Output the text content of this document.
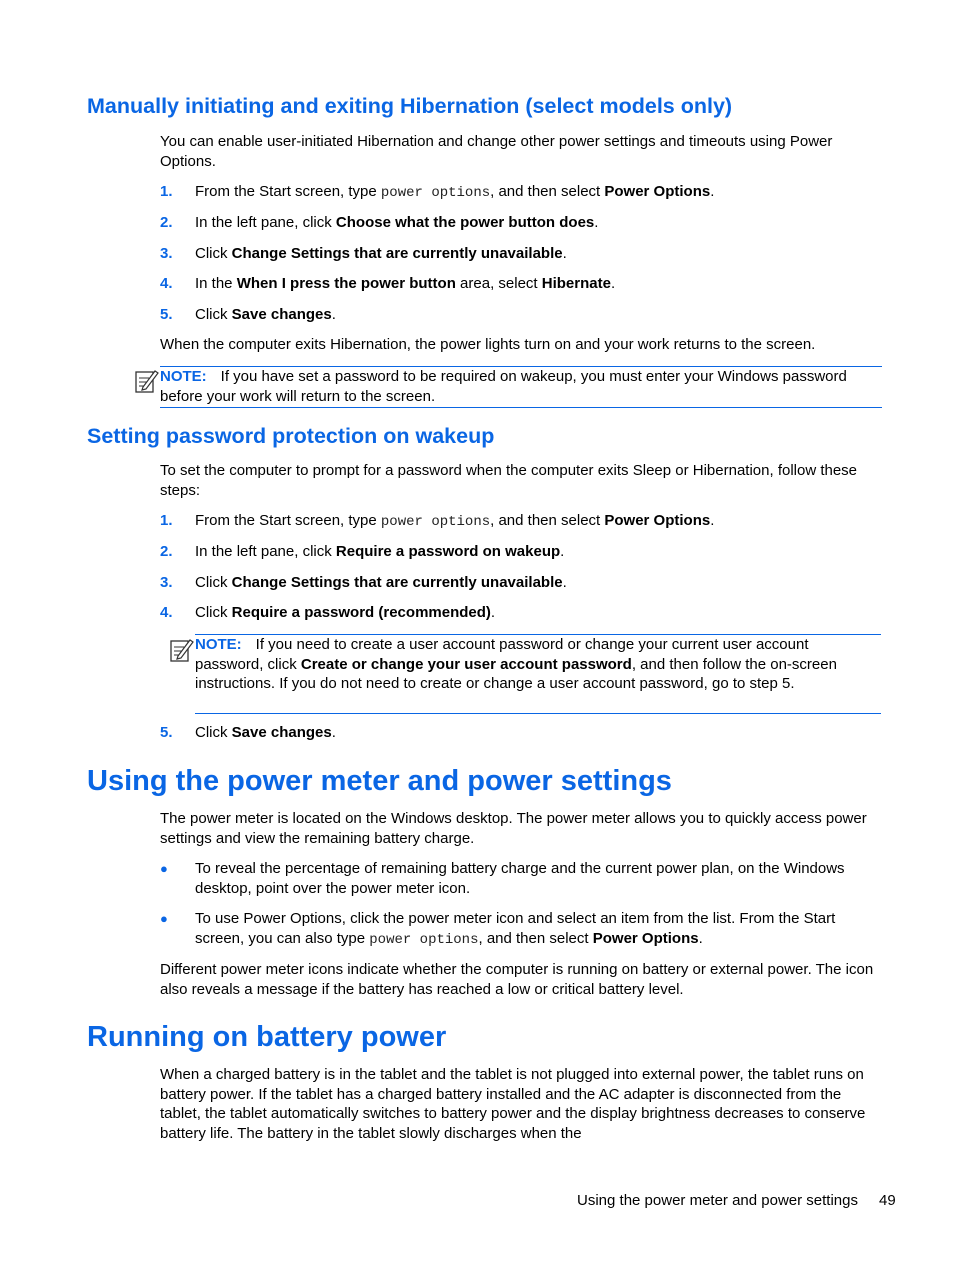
Manually initiating and exiting Hibernation (select models only)

You can enable user-initiated Hibernation and change other power settings and timeouts using Power Options.

1. From the Start screen, type power options, and then select Power Options.
2. In the left pane, click Choose what the power button does.
3. Click Change Settings that are currently unavailable.
4. In the When I press the power button area, select Hibernate.
5. Click Save changes.

When the computer exits Hibernation, the power lights turn on and your work returns to the screen.

NOTE: If you have set a password to be required on wakeup, you must enter your Windows password before your work will return to the screen.
Setting password protection on wakeup

To set the computer to prompt for a password when the computer exits Sleep or Hibernation, follow these steps:

1. From the Start screen, type power options, and then select Power Options.
2. In the left pane, click Require a password on wakeup.
3. Click Change Settings that are currently unavailable.
4. Click Require a password (recommended).
NOTE: If you need to create a user account password or change your current user account password, click Create or change your user account password, and then follow the on-screen instructions. If you do not need to create or change a user account password, go to step 5.
5. Click Save changes.
Using the power meter and power settings

The power meter is located on the Windows desktop. The power meter allows you to quickly access power settings and view the remaining battery charge.

● To reveal the percentage of remaining battery charge and the current power plan, on the Windows desktop, point over the power meter icon.
● To use Power Options, click the power meter icon and select an item from the list. From the Start screen, you can also type power options, and then select Power Options.

Different power meter icons indicate whether the computer is running on battery or external power. The icon also reveals a message if the battery has reached a low or critical battery level.

Running on battery power

When a charged battery is in the tablet and the tablet is not plugged into external power, the tablet runs on battery power. If the tablet has a charged battery installed and the AC adapter is disconnected from the tablet, the tablet automatically switches to battery power and the display brightness decreases to conserve battery life. The battery in the tablet slowly discharges when the

Using the power meter and power settings 49
